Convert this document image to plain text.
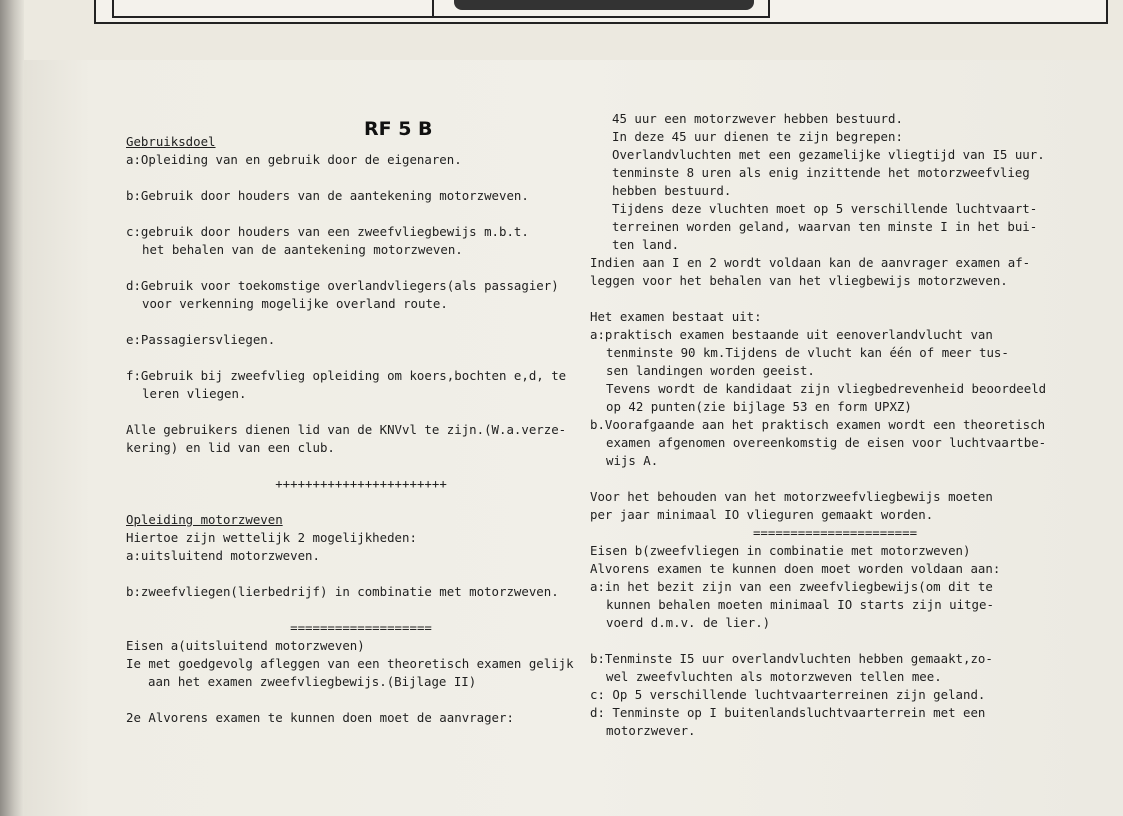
RF 5 B
Gebruiksdoel
a:Opleiding van en gebruik door de eigenaren.
b:Gebruik door houders van de aantekening motorzweven.
c:gebruik door houders van een zweefvliegbewijs m.b.t.
het behalen van de aantekening motorzweven.
d:Gebruik voor toekomstige overlandvliegers(als passagier)
voor verkenning mogelijke overland route.
e:Passagiersvliegen.
f:Gebruik bij zweefvlieg opleiding om koers,bochten e,d, te
leren vliegen.
Alle gebruikers dienen lid van de KNVvl te zijn.(W.a.verze-
kering) en lid van een club.
+++++++++++++++++++++++
Opleiding motorzweven
Hiertoe zijn wettelijk 2 mogelijkheden:
a:uitsluitend motorzweven.
b:zweefvliegen(lierbedrijf) in combinatie met motorzweven.
===================
Eisen a(uitsluitend motorzweven)
Ie met goedgevolg afleggen van een theoretisch examen gelijk
aan het examen zweefvliegbewijs.(Bijlage II)
2e Alvorens examen te kunnen doen moet de aanvrager:
45 uur een motorzwever hebben bestuurd.
In deze 45 uur dienen te zijn begrepen:
Overlandvluchten met een gezamelijke vliegtijd van I5 uur.
tenminste 8 uren als enig inzittende het motorzweefvlieg
hebben bestuurd.
Tijdens deze vluchten moet op 5 verschillende luchtvaart-
terreinen worden geland, waarvan ten minste I in het bui-
ten land.
Indien aan I en 2 wordt voldaan kan de aanvrager examen af-
leggen voor het behalen van het vliegbewijs motorzweven.
Het examen bestaat uit:
a:praktisch examen bestaande uit eenoverlandvlucht van
tenminste 90 km.Tijdens de vlucht kan één of meer tus-
sen landingen worden geeist.
Tevens wordt de kandidaat zijn vliegbedrevenheid beoordeeld
op 42 punten(zie bijlage 53 en form UPXZ)
b.Voorafgaande aan het praktisch examen wordt een theoretisch
examen afgenomen overeenkomstig de eisen voor luchtvaartbe-
wijs A.
Voor het behouden van het motorzweefvliegbewijs moeten
per jaar minimaal IO vlieguren gemaakt worden.
======================
Eisen b(zweefvliegen in combinatie met motorzweven)
Alvorens examen te kunnen doen moet worden voldaan aan:
a:in het bezit zijn van een zweefvliegbewijs(om dit te
kunnen behalen moeten minimaal IO starts zijn uitge-
voerd d.m.v. de lier.)
b:Tenminste I5 uur overlandvluchten hebben gemaakt,zo-
wel zweefvluchten als motorzweven tellen mee.
c: Op 5 verschillende luchtvaarterreinen zijn geland.
d: Tenminste op I buitenlandsluchtvaarterrein met een
motorzwever.
